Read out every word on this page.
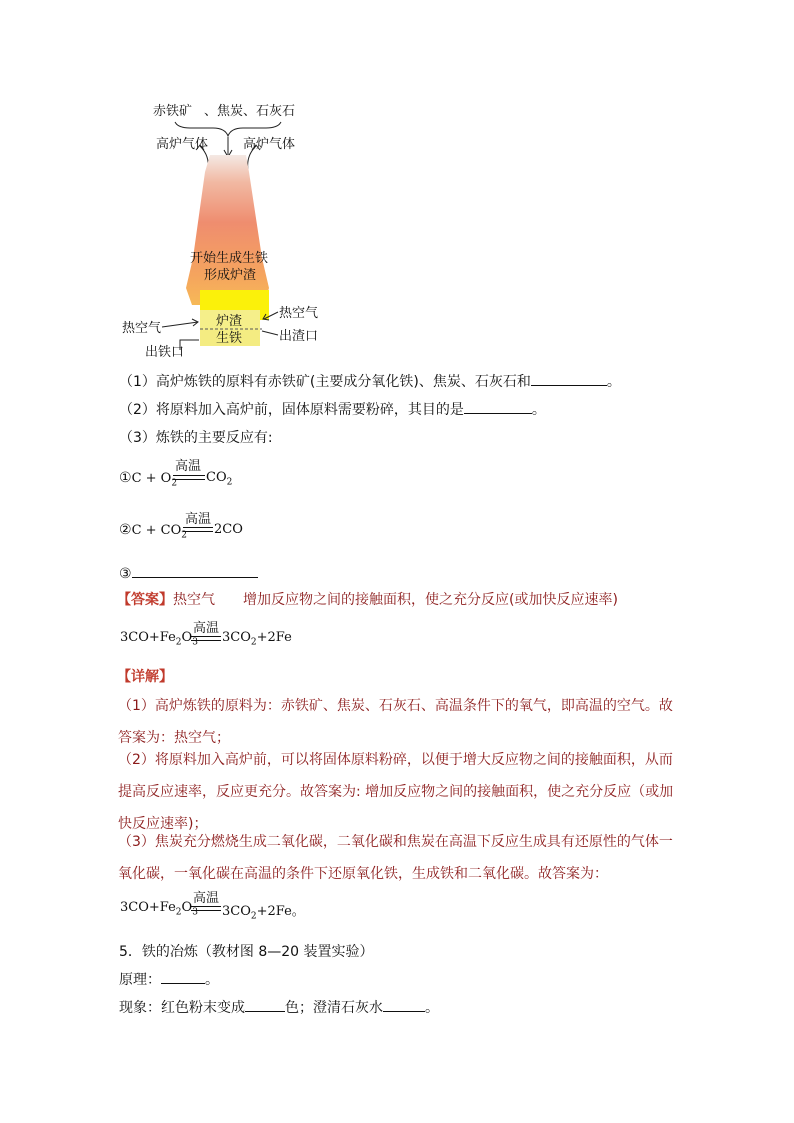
赤铁矿 、焦炭、石灰石
高炉气体	高炉气体
开始生成生铁
形成炉渣
炉渣
生铁
热空气
热空气
出铁口
出渣口
（1）高炉炼铁的原料有赤铁矿(主要成分氧化铁)、焦炭、石灰石和	。
（2）将原料加入高炉前，固体原料需要粉碎，其目的是	。
（3）炼铁的主要反应有:
①C + $O_2$
高温
$CO_2$
②C + $CO_2$
高温
2CO
③
【答案】热空气 增加反应物之间的接触面积，使之充分反应(或加快反应速率)
高温
$3CO+Fe_2O_3$ $3CO_2+2Fe$
【详解】
（1）高炉炼铁的原料为：赤铁矿、焦炭、石灰石、高温条件下的氧气，即高温的空气。故答案为：热空气；
（2）将原料加入高炉前，可以将固体原料粉碎，以便于增大反应物之间的接触面积，从而提高反应速率，反应更充分。故答案为: 增加反应物之间的接触面积，使之充分反应（或加快反应速率)；
（3）焦炭充分燃烧生成二氧化碳，二氧化碳和焦炭在高温下反应生成具有还原性的气体一氧化碳，一氧化碳在高温的条件下还原氧化铁，生成铁和二氧化碳。故答案为：
高温
$3CO+Fe_2O_3$ $3CO_2+2Fe$。
5．铁的冶炼（教材图 8—20 装置实验）
原理：	。
现象：红色粉末变成	色；澄清石灰水	。
